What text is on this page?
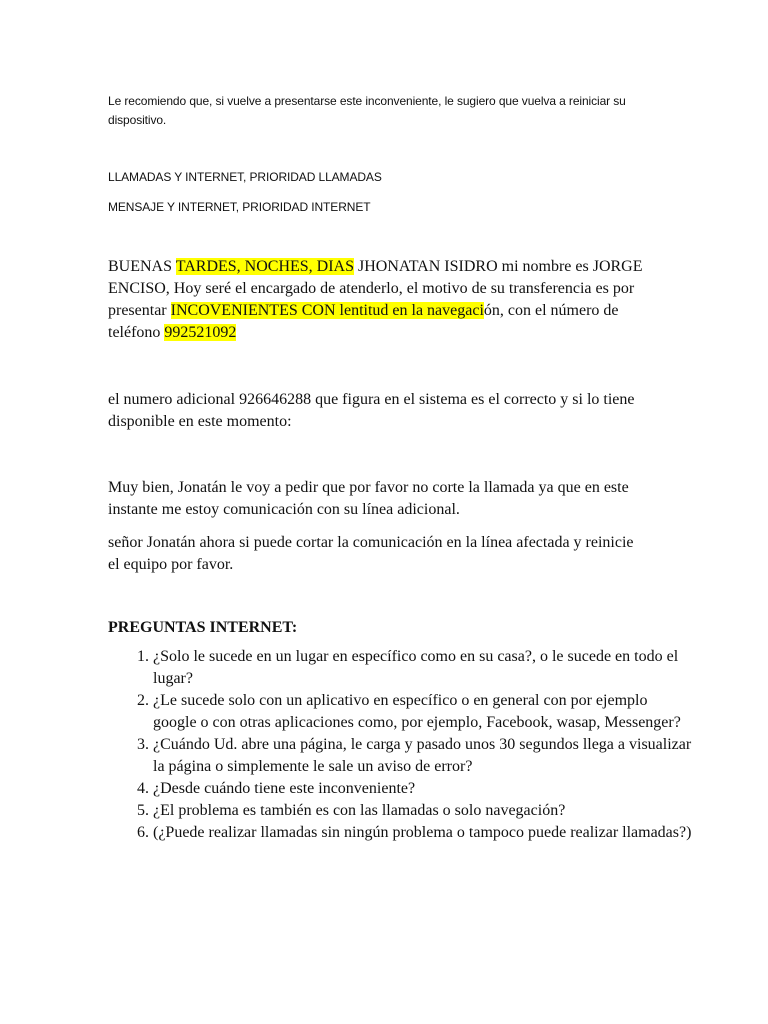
Le recomiendo que, si vuelve a presentarse este inconveniente, le sugiero que vuelva a reiniciar su dispositivo.

LLAMADAS Y INTERNET, PRIORIDAD LLAMADAS

MENSAJE Y INTERNET, PRIORIDAD INTERNET

BUENAS TARDES, NOCHES, DIAS JHONATAN ISIDRO mi nombre es JORGE ENCISO, Hoy seré el encargado de atenderlo, el motivo de su transferencia es por presentar INCOVENIENTES CON lentitud en la navegación, con el número de teléfono 992521092

el numero adicional 926646288 que figura en el sistema es el correcto y si lo tiene disponible en este momento:

Muy bien, Jonatán le voy a pedir que por favor no corte la llamada ya que en este instante me estoy comunicación con su línea adicional.

señor Jonatán ahora si puede cortar la comunicación en la línea afectada y reinicie el equipo por favor.

PREGUNTAS INTERNET:

1. ¿Solo le sucede en un lugar en específico como en su casa?, o le sucede en todo el lugar?
2. ¿Le sucede solo con un aplicativo en específico o en general con por ejemplo google o con otras aplicaciones como, por ejemplo, Facebook, wasap, Messenger?
3. ¿Cuándo Ud. abre una página, le carga y pasado unos 30 segundos llega a visualizar la página o simplemente le sale un aviso de error?
4. ¿Desde cuándo tiene este inconveniente?
5. ¿El problema es también es con las llamadas o solo navegación?
6. (¿Puede realizar llamadas sin ningún problema o tampoco puede realizar llamadas?)
